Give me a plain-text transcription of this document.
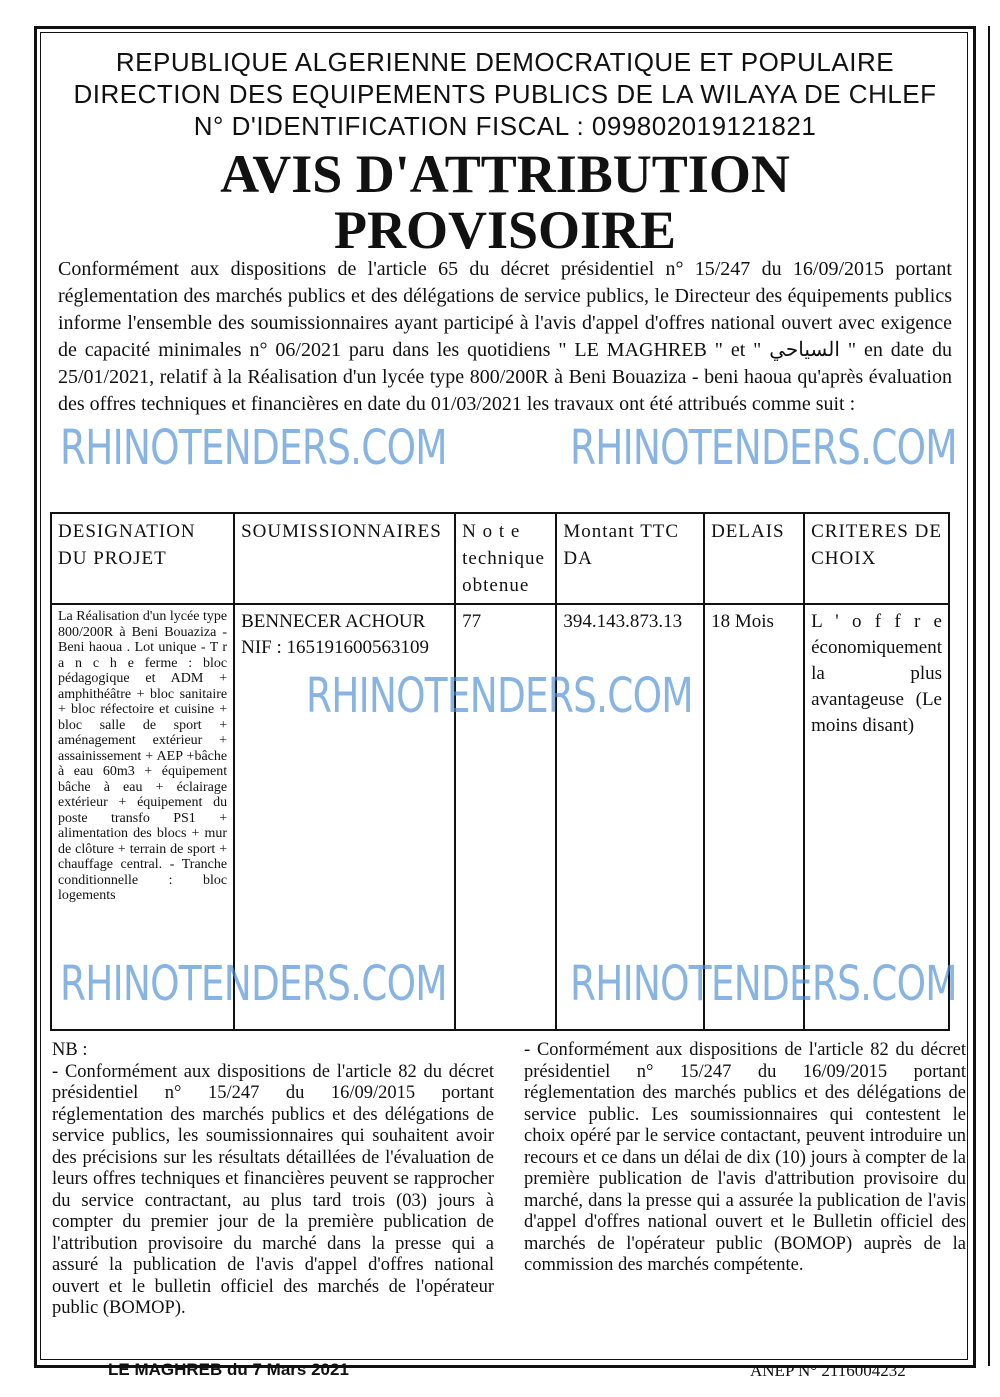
REPUBLIQUE ALGERIENNE DEMOCRATIQUE ET POPULAIRE
DIRECTION DES EQUIPEMENTS PUBLICS DE LA WILAYA DE CHLEF
N° D'IDENTIFICATION FISCAL : 099802019121821
AVIS D'ATTRIBUTION
PROVISOIRE
Conformément aux dispositions de l'article 65 du décret présidentiel n° 15/247 du 16/09/2015 portant réglementation des marchés publics et des délégations de service publics, le Directeur des équipements publics informe l'ensemble des soumissionnaires ayant participé à l'avis d'appel d'offres national ouvert avec exigence de capacité minimales n° 06/2021 paru dans les quotidiens " LE MAGHREB " et " السياحي " en date du 25/01/2021, relatif à la Réalisation d'un lycée type 800/200R à Beni Bouaziza - beni haoua qu'après évaluation des offres techniques et financières en date du 01/03/2021 les travaux ont été attribués comme suit :
DESIGNATION DU PROJET	SOUMISSIONNAIRES	N o t e technique obtenue	Montant TTC DA	DELAIS	CRITERES DE CHOIX
La Réalisation d'un lycée type 800/200R à Beni Bouaziza - Beni haoua . Lot unique - T r a n c h e ferme : bloc pédagogique et ADM + amphithéâtre + bloc sanitaire + bloc réfectoire et cuisine + bloc salle de sport + aménagement extérieur + assainissement + AEP +bâche à eau 60m3 + équipement bâche à eau + éclairage extérieur + équipement du poste transfo PS1 + alimentation des blocs + mur de clôture + terrain de sport + chauffage central. - Tranche conditionnelle : bloc logements	BENNECER ACHOUR NIF : 165191600563109	77	394.143.873.13	18 Mois	L ' o f f r e économiquement la plus avantageuse (Le moins disant)
NB :
- Conformément aux dispositions de l'article 82 du décret présidentiel n° 15/247 du 16/09/2015 portant réglementation des marchés publics et des délégations de service publics, les soumissionnaires qui souhaitent avoir des précisions sur les résultats détaillées de l'évaluation de leurs offres techniques et financières peuvent se rapprocher du service contractant, au plus tard trois (03) jours à compter du premier jour de la première publication de l'attribution provisoire du marché dans la presse qui a assuré la publication de l'avis d'appel d'offres national ouvert et le bulletin officiel des marchés de l'opérateur public (BOMOP).
- Conformément aux dispositions de l'article 82 du décret présidentiel n° 15/247 du 16/09/2015 portant réglementation des marchés publics et des délégations de service public. Les soumissionnaires qui contestent le choix opéré par le service contactant, peuvent introduire un recours et ce dans un délai de dix (10) jours à compter de la première publication de l'avis d'attribution provisoire du marché, dans la presse qui a assurée la publication de l'avis d'appel d'offres national ouvert et le Bulletin officiel des marchés de l'opérateur public (BOMOP) auprès de la commission des marchés compétente.
LE MAGHREB du 7 Mars 2021	ANEP N° 2116004232
RHINOTENDERS.COM	RHINOTENDERS.COM
RHINOTENDERS.COM
RHINOTENDERS.COM	RHINOTENDERS.COM
